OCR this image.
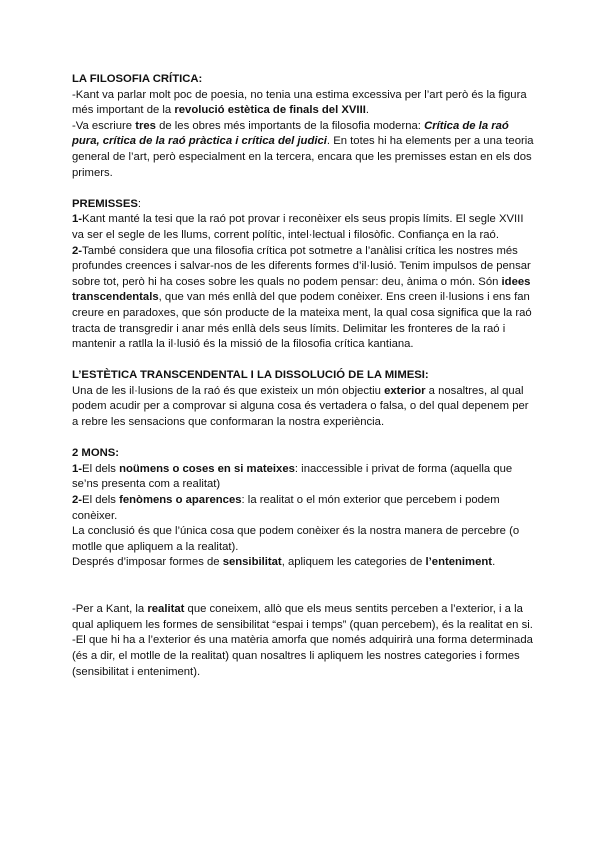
LA FILOSOFIA CRÍTICA:

-Kant va parlar molt poc de poesia, no tenia una estima excessiva per l’art però és la figura més important de la revolució estètica de finals del XVIII.

-Va escriure tres de les obres més importants de la filosofia moderna: Crítica de la raó pura, crítica de la raó pràctica i crítica del judici. En totes hi ha elements per a una teoria general de l’art, però especialment en la tercera, encara que les premisses estan en els dos primers.

PREMISSES:

1-Kant manté la tesi que la raó pot provar i reconèixer els seus propis límits. El segle XVIII va ser el segle de les llums, corrent polític, intel·lectual i filosòfic. Confiança en la raó.

2-També considera que una filosofia crítica pot sotmetre a l’anàlisi crítica les nostres més profundes creences i salvar-nos de les diferents formes d’il·lusió. Tenim impulsos de pensar sobre tot, però hi ha coses sobre les quals no podem pensar: deu, ànima o món. Són idees transcendentals, que van més enllà del que podem conèixer. Ens creen il·lusions i ens fan creure en paradoxes, que són producte de la mateixa ment, la qual cosa significa que la raó tracta de transgredir i anar més enllà dels seus límits. Delimitar les fronteres de la raó i mantenir a ratlla la il·lusió és la missió de la filosofia crítica kantiana.

L’ESTÈTICA TRANSCENDENTAL I LA DISSOLUCIÓ DE LA MIMESI:

Una de les il·lusions de la raó és que existeix un món objectiu exterior a nosaltres, al qual podem acudir per a comprovar si alguna cosa és vertadera o falsa, o del qual depenem per a rebre les sensacions que conformaran la nostra experiència.

2 MONS:

1-El dels noümens o coses en si mateixes: inaccessible i privat de forma (aquella que se’ns presenta com a realitat)

2-El dels fenòmens o aparences: la realitat o el món exterior que percebem i podem conèixer.

La conclusió és que l’única cosa que podem conèixer és la nostra manera de percebre (o motlle que apliquem a la realitat).

Després d’imposar formes de sensibilitat, apliquem les categories de l’enteniment.

-Per a Kant, la realitat que coneixem, allò que els meus sentits perceben a l’exterior, i a la qual apliquem les formes de sensibilitat “espai i temps” (quan percebem), és la realitat en si.

-El que hi ha a l’exterior és una matèria amorfa que només adquirirà una forma determinada (és a dir, el motlle de la realitat) quan nosaltres li apliquem les nostres categories i formes (sensibilitat i enteniment).
